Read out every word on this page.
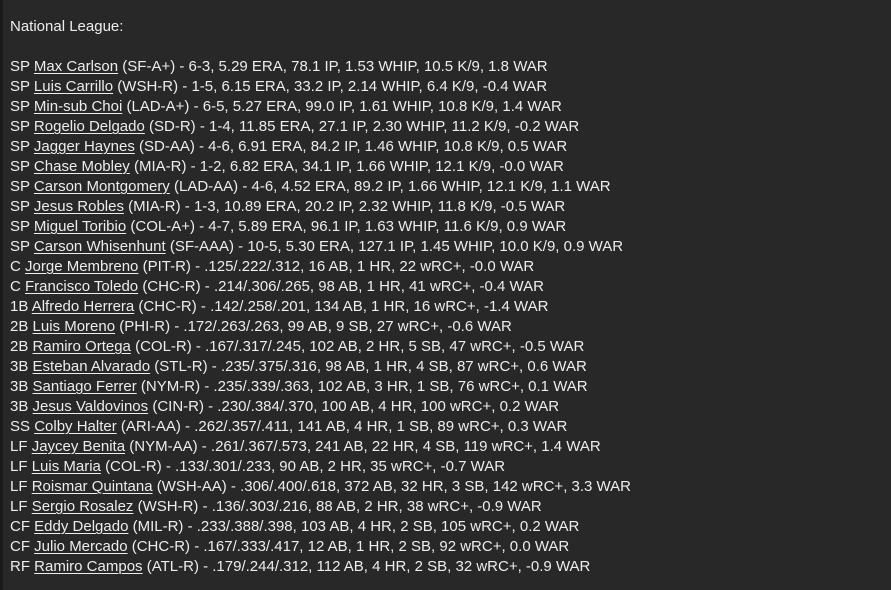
National League:
SP Max Carlson (SF-A+) - 6-3, 5.29 ERA, 78.1 IP, 1.53 WHIP, 10.5 K/9, 1.8 WAR
SP Luis Carrillo (WSH-R) - 1-5, 6.15 ERA, 33.2 IP, 2.14 WHIP, 6.4 K/9, -0.4 WAR
SP Min-sub Choi (LAD-A+) - 6-5, 5.27 ERA, 99.0 IP, 1.61 WHIP, 10.8 K/9, 1.4 WAR
SP Rogelio Delgado (SD-R) - 1-4, 11.85 ERA, 27.1 IP, 2.30 WHIP, 11.2 K/9, -0.2 WAR
SP Jagger Haynes (SD-AA) - 4-6, 6.91 ERA, 84.2 IP, 1.46 WHIP, 10.8 K/9, 0.5 WAR
SP Chase Mobley (MIA-R) - 1-2, 6.82 ERA, 34.1 IP, 1.66 WHIP, 12.1 K/9, -0.0 WAR
SP Carson Montgomery (LAD-AA) - 4-6, 4.52 ERA, 89.2 IP, 1.66 WHIP, 12.1 K/9, 1.1 WAR
SP Jesus Robles (MIA-R) - 1-3, 10.89 ERA, 20.2 IP, 2.32 WHIP, 11.8 K/9, -0.5 WAR
SP Miguel Toribio (COL-A+) - 4-7, 5.89 ERA, 96.1 IP, 1.63 WHIP, 11.6 K/9, 0.9 WAR
SP Carson Whisenhunt (SF-AAA) - 10-5, 5.30 ERA, 127.1 IP, 1.45 WHIP, 10.0 K/9, 0.9 WAR
C Jorge Membreno (PIT-R) - .125/.222/.312, 16 AB, 1 HR, 22 wRC+, -0.0 WAR
C Francisco Toledo (CHC-R) - .214/.306/.265, 98 AB, 1 HR, 41 wRC+, -0.4 WAR
1B Alfredo Herrera (CHC-R) - .142/.258/.201, 134 AB, 1 HR, 16 wRC+, -1.4 WAR
2B Luis Moreno (PHI-R) - .172/.263/.263, 99 AB, 9 SB, 27 wRC+, -0.6 WAR
2B Ramiro Ortega (COL-R) - .167/.317/.245, 102 AB, 2 HR, 5 SB, 47 wRC+, -0.5 WAR
3B Esteban Alvarado (STL-R) - .235/.375/.316, 98 AB, 1 HR, 4 SB, 87 wRC+, 0.6 WAR
3B Santiago Ferrer (NYM-R) - .235/.339/.363, 102 AB, 3 HR, 1 SB, 76 wRC+, 0.1 WAR
3B Jesus Valdovinos (CIN-R) - .230/.384/.370, 100 AB, 4 HR, 100 wRC+, 0.2 WAR
SS Colby Halter (ARI-AA) - .262/.357/.411, 141 AB, 4 HR, 1 SB, 89 wRC+, 0.3 WAR
LF Jaycey Benita (NYM-AA) - .261/.367/.573, 241 AB, 22 HR, 4 SB, 119 wRC+, 1.4 WAR
LF Luis Maria (COL-R) - .133/.301/.233, 90 AB, 2 HR, 35 wRC+, -0.7 WAR
LF Roismar Quintana (WSH-AA) - .306/.400/.618, 372 AB, 32 HR, 3 SB, 142 wRC+, 3.3 WAR
LF Sergio Rosalez (WSH-R) - .136/.303/.216, 88 AB, 2 HR, 38 wRC+, -0.9 WAR
CF Eddy Delgado (MIL-R) - .233/.388/.398, 103 AB, 4 HR, 2 SB, 105 wRC+, 0.2 WAR
CF Julio Mercado (CHC-R) - .167/.333/.417, 12 AB, 1 HR, 2 SB, 92 wRC+, 0.0 WAR
RF Ramiro Campos (ATL-R) - .179/.244/.312, 112 AB, 4 HR, 2 SB, 32 wRC+, -0.9 WAR
